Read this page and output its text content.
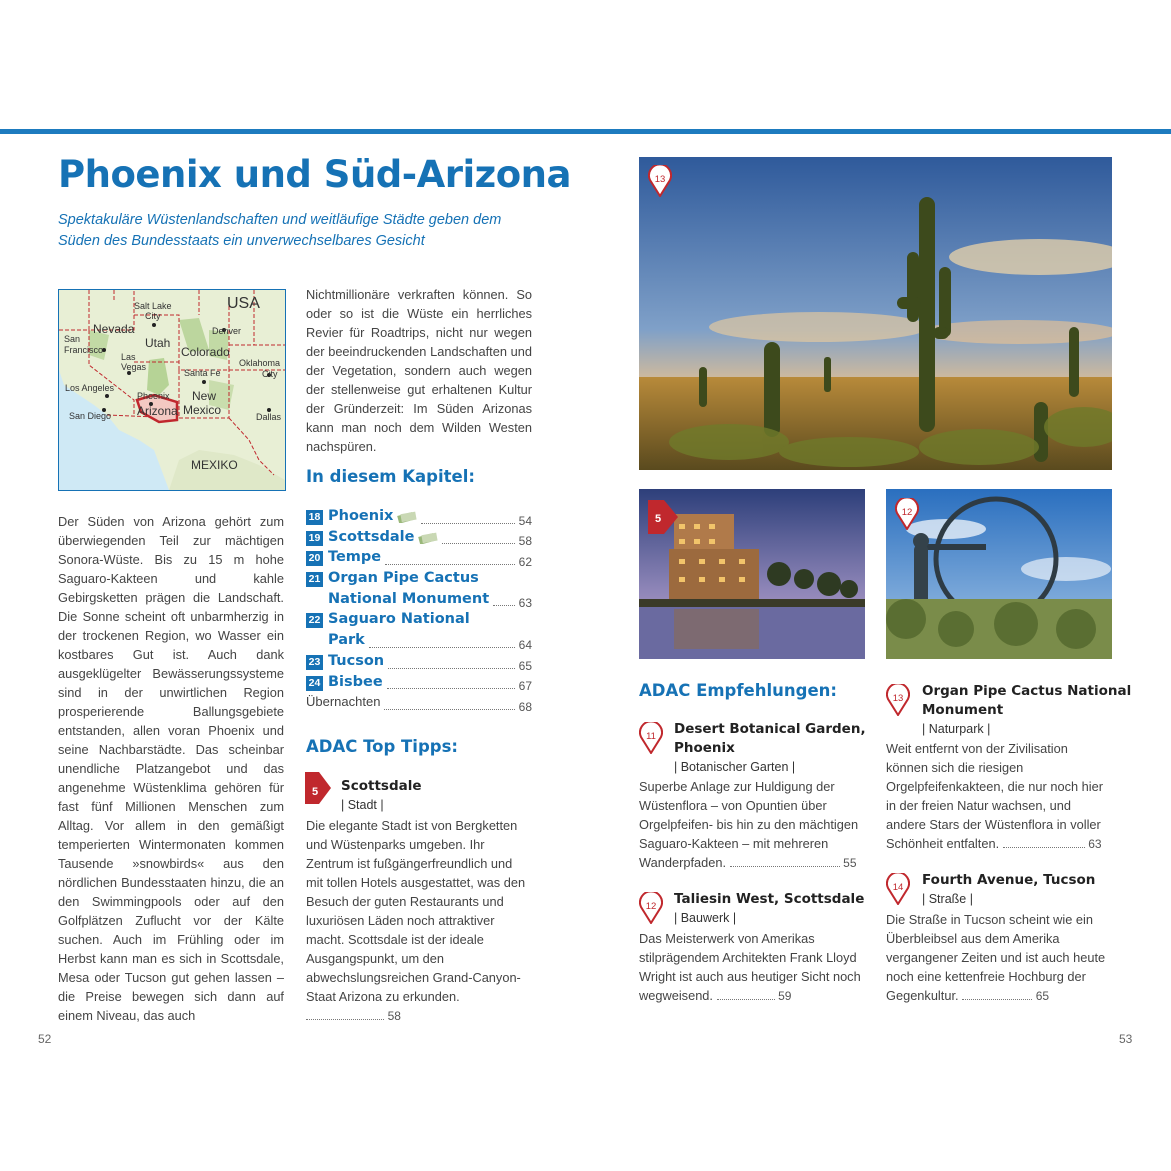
Phoenix und Süd-Arizona
Spektakuläre Wüstenlandschaften und weitläufige Städte geben dem Süden des Bundesstaats ein unverwechselbares Gesicht
USA
Salt Lake
City
Nevada
Utah
Denver
San
Francisco	Colorado
Las
Vegas	Oklahoma
City
Santa Fe
Los Angeles
Phoenix New
Arizona Mexico
San Diego	Dallas
MEXIKO
Der Süden von Arizona gehört zum überwiegenden Teil zur mächtigen Sonora-Wüste. Bis zu 15 m hohe Saguaro-Kakteen und kahle Gebirgsketten prägen die Landschaft. Die Sonne scheint oft unbarmherzig in der trockenen Region, wo Wasser ein kostbares Gut ist. Auch dank ausgeklügelter Bewässerungssysteme sind in der unwirtlichen Region prosperierende Ballungsgebiete entstanden, allen voran Phoenix und seine Nachbarstädte. Das scheinbar unendliche Platzangebot und das angenehme Wüstenklima gehören für fast fünf Millionen Menschen zum Alltag. Vor allem in den gemäßigt temperierten Wintermonaten kommen Tausende »snowbirds« aus den nördlichen Bundesstaaten hinzu, die an den Swimmingpools oder auf den Golfplätzen Zuflucht vor der Kälte suchen. Auch im Frühling oder im Herbst kann man es sich in Scottsdale, Mesa oder Tucson gut gehen lassen – die Preise bewegen sich dann auf einem Niveau, das auch
Nichtmillionäre verkraften können. So oder so ist die Wüste ein herrliches Revier für Roadtrips, nicht nur wegen der beeindruckenden Landschaften und der Vegetation, sondern auch wegen der stellenweise gut erhaltenen Kultur der Gründerzeit: Im Süden Arizonas kann man noch dem Wilden Westen nachspüren.
In diesem Kapitel:
18 Phoenix	54
19 Scottsdale	58
20 Tempe	62
21 Organ Pipe Cactus
National Monument 63
22 Saguaro National
Park	64
23 Tucson	65
24 Bisbee	67
Übernachten	68
ADAC Top Tipps:
5 Scottsdale
| Stadt |
Die elegante Stadt ist von Bergketten und Wüstenparks umgeben. Ihr Zentrum ist fußgängerfreundlich und mit tollen Hotels ausgestattet, was den Besuch der guten Restaurants und luxuriösen Läden noch attraktiver macht. Scottsdale ist der ideale Ausgangspunkt, um den abwechslungsreichen Grand-Canyon-Staat Arizona zu erkunden.  58
13
5
12
ADAC Empfehlungen:
11 Desert Botanical Garden,
Phoenix
| Botanischer Garten |
Superbe Anlage zur Huldigung der Wüstenflora – von Opuntien über Orgelpfeifen- bis hin zu den mächtigen Saguaro-Kakteen – mit mehreren Wanderpfaden.	55
12 Taliesin West, Scottsdale
| Bauwerk |
Das Meisterwerk von Amerikas stilprägendem Architekten Frank Lloyd Wright ist auch aus heutiger Sicht noch wegweisend.	59
13 Organ Pipe Cactus National
Monument
| Naturpark |
Weit entfernt von der Zivilisation können sich die riesigen Orgelpfeifenkakteen, die nur noch hier in der freien Natur wachsen, und andere Stars der Wüstenflora in voller Schönheit entfalten.	63
14 Fourth Avenue, Tucson
| Straße |
Die Straße in Tucson scheint wie ein Überbleibsel aus dem Amerika vergangener Zeiten und ist auch heute noch eine kettenfreie Hochburg der Gegenkultur.	65
52	53
